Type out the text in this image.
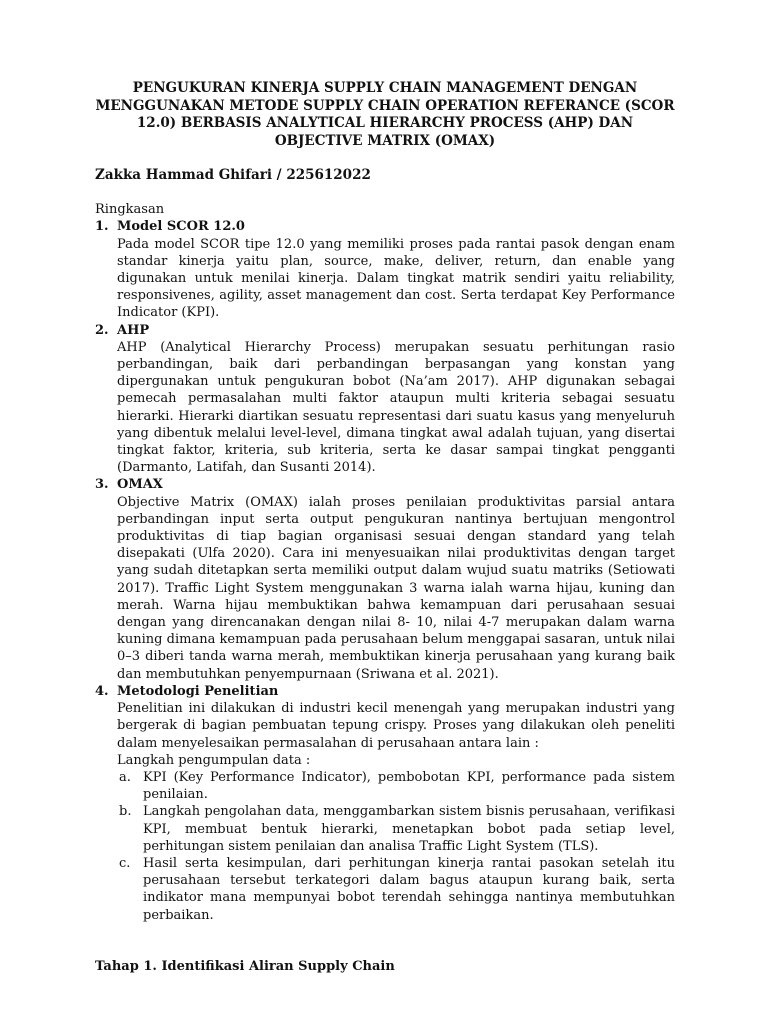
PENGUKURAN KINERJA SUPPLY CHAIN MANAGEMENT DENGAN MENGGUNAKAN METODE SUPPLY CHAIN OPERATION REFERANCE (SCOR 12.0) BERBASIS ANALYTICAL HIERARCHY PROCESS (AHP) DAN OBJECTIVE MATRIX (OMAX)
Zakka Hammad Ghifari / 225612022
Ringkasan
1. Model SCOR 12.0

Pada model SCOR tipe 12.0 yang memiliki proses pada rantai pasok dengan enam standar kinerja yaitu plan, source, make, deliver, return, dan enable yang digunakan untuk menilai kinerja. Dalam tingkat matrik sendiri yaitu reliability, responsivenes, agility, asset management dan cost. Serta terdapat Key Performance Indicator (KPI).

2. AHP

AHP (Analytical Hierarchy Process) merupakan sesuatu perhitungan rasio perbandingan, baik dari perbandingan berpasangan yang konstan yang dipergunakan untuk pengukuran bobot (Na’am 2017). AHP digunakan sebagai pemecah permasalahan multi faktor ataupun multi kriteria sebagai sesuatu hierarki. Hierarki diartikan sesuatu representasi dari suatu kasus yang menyeluruh yang dibentuk melalui level-level, dimana tingkat awal adalah tujuan, yang disertai tingkat faktor, kriteria, sub kriteria, serta ke dasar sampai tingkat pengganti (Darmanto, Latifah, dan Susanti 2014).

3. OMAX

Objective Matrix (OMAX) ialah proses penilaian produktivitas parsial antara perbandingan input serta output pengukuran nantinya bertujuan mengontrol produktivitas di tiap bagian organisasi sesuai dengan standard yang telah disepakati (Ulfa 2020). Cara ini menyesuaikan nilai produktivitas dengan target yang sudah ditetapkan serta memiliki output dalam wujud suatu matriks (Setiowati 2017). Traffic Light System menggunakan 3 warna ialah warna hijau, kuning dan merah. Warna hijau membuktikan bahwa kemampuan dari perusahaan sesuai dengan yang direncanakan dengan nilai 8- 10, nilai 4-7 merupakan dalam warna kuning dimana kemampuan pada perusahaan belum menggapai sasaran, untuk nilai 0–3 diberi tanda warna merah, membuktikan kinerja perusahaan yang kurang baik dan membutuhkan penyempurnaan (Sriwana et al. 2021).

4. Metodologi Penelitian

Penelitian ini dilakukan di industri kecil menengah yang merupakan industri yang bergerak di bagian pembuatan tepung crispy. Proses yang dilakukan oleh peneliti dalam menyelesaikan permasalahan di perusahaan antara lain :

Langkah pengumpulan data :

a. KPI (Key Performance Indicator), pembobotan KPI, performance pada sistem penilaian.
b. Langkah pengolahan data, menggambarkan sistem bisnis perusahaan, verifikasi KPI, membuat bentuk hierarki, menetapkan bobot pada setiap level, perhitungan sistem penilaian dan analisa Traffic Light System (TLS).
c. Hasil serta kesimpulan, dari perhitungan kinerja rantai pasokan setelah itu perusahaan tersebut terkategori dalam bagus ataupun kurang baik, serta indikator mana mempunyai bobot terendah sehingga nantinya membutuhkan perbaikan.
Tahap 1. Identifikasi Aliran Supply Chain
